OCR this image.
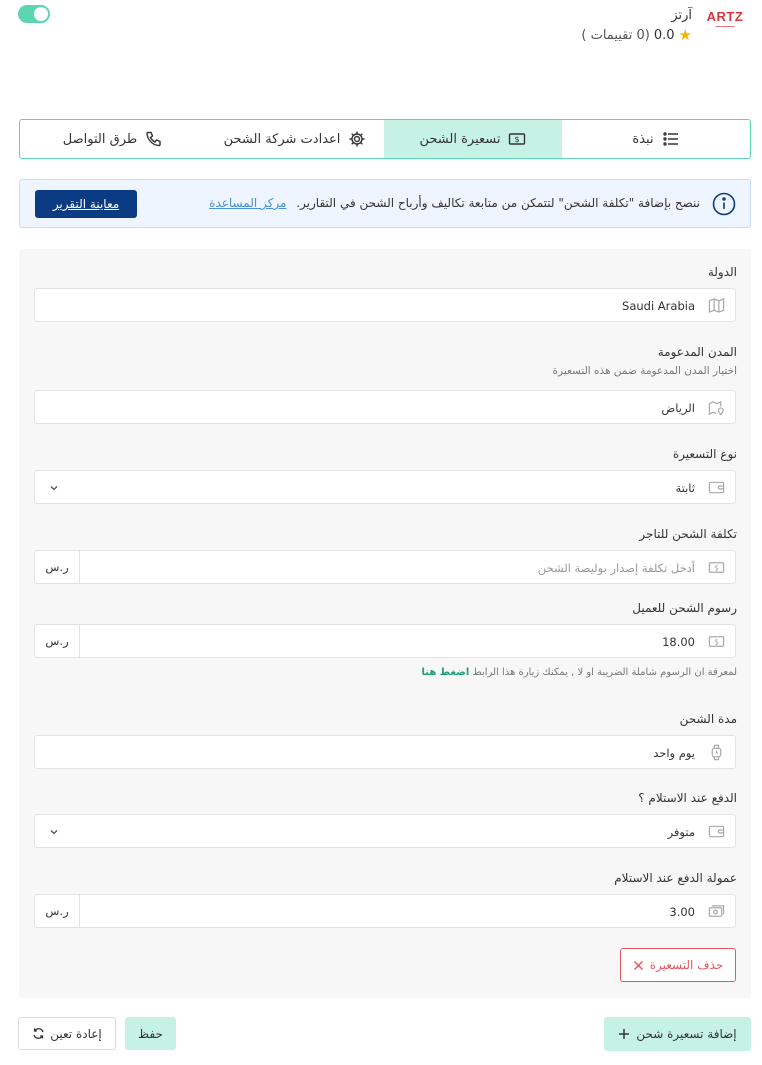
ARTZ
━━━━━━━━
آرتز
★
0.0
(0 تقييمات )
نبذة
$
تسعيرة الشحن
اعدادت شركة الشحن
طرق التواصل
ننصح بإضافة "تكلفة الشحن" لتتمكن من متابعة تكاليف وأرباح الشحن في التقارير. مركز المساعدة
معاينة التقرير
الدولة
Saudi Arabia
المدن المدعومة
اختيار المدن المدعومة ضمن هذه التسعيرة
الرياض
نوع التسعيرة
ثابتة
تكلفة الشحن للتاجر
$
أدخل تكلفة إصدار بوليصة الشحن
ر.س
رسوم الشحن للعميل
$
18.00
ر.س
لمعرفة ان الرسوم شاملة الضريبة او لا , يمكنك زيارة هذا الرابط اضغط هنا
مدة الشحن
يوم واحد
الدفع عند الاستلام ؟
متوفر
عمولة الدفع عند الاستلام
3.00
ر.س
حذف التسعيرة
إضافة تسعيرة شحن
حفظ
إعادة تعين
